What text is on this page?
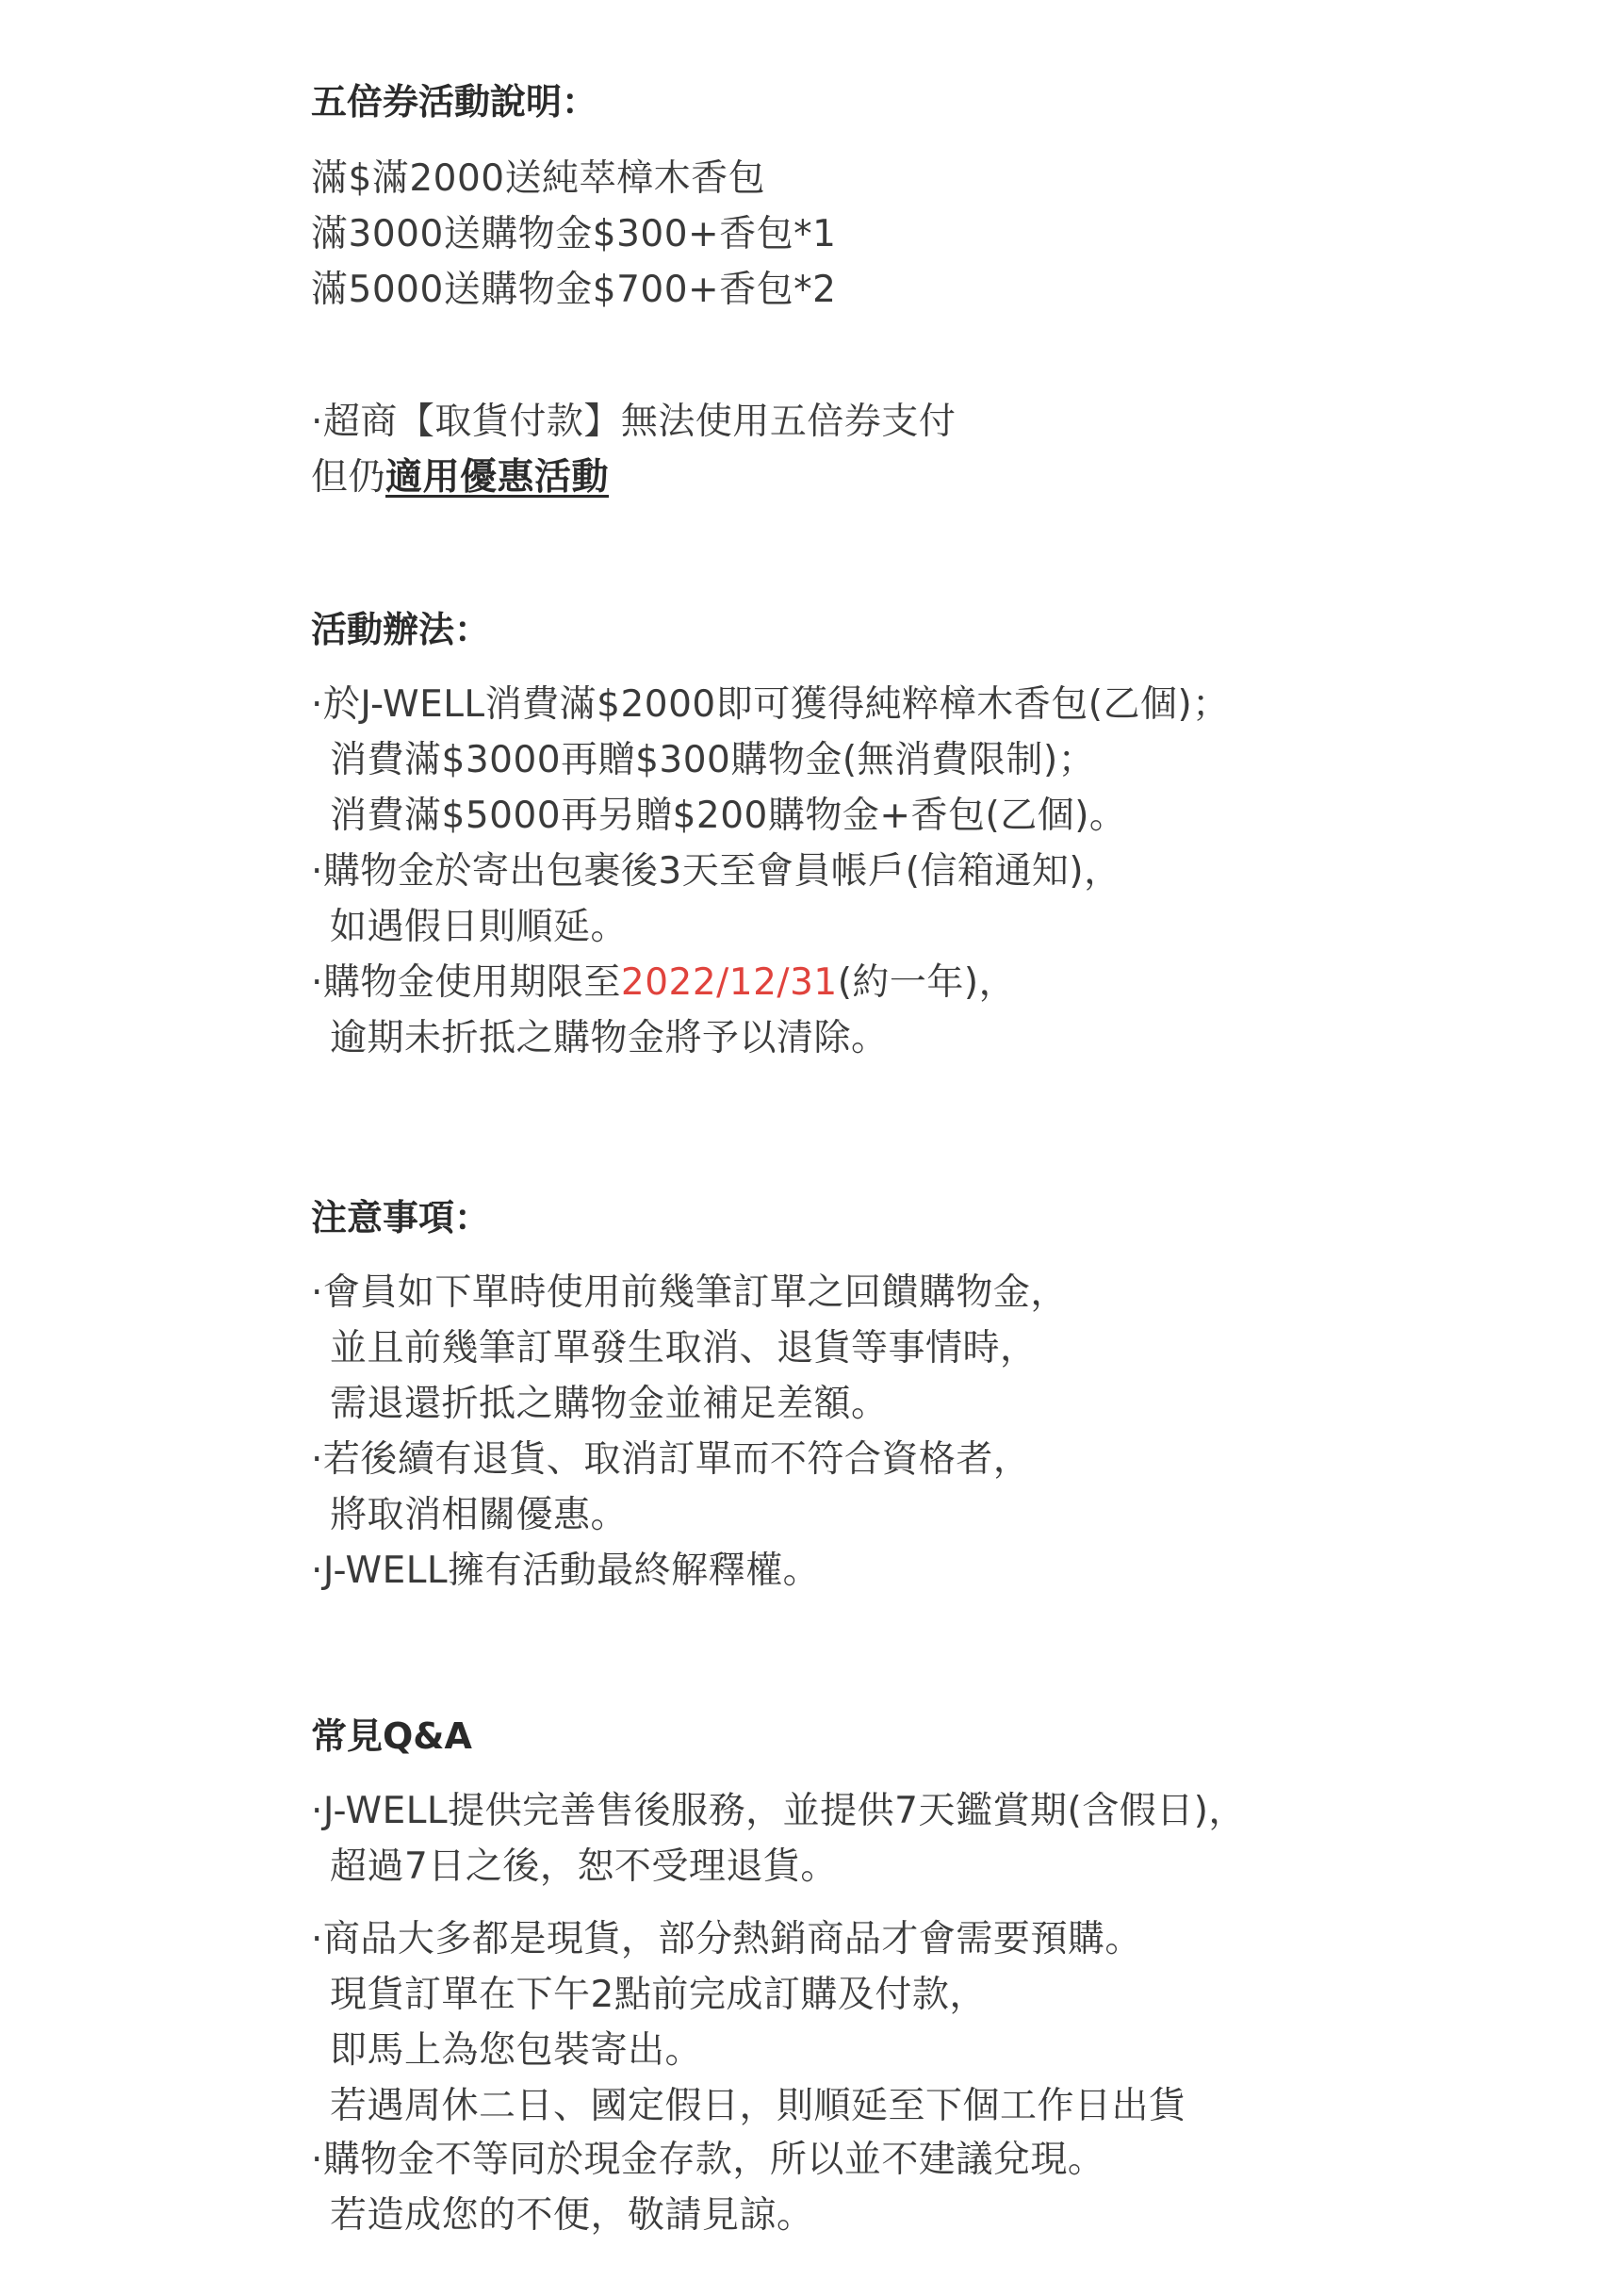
五倍券活動說明：
滿$滿2000送純萃樟木香包
滿3000送購物金$300+香包*1
滿5000送購物金$700+香包*2
·超商【取貨付款】無法使用五倍券支付
但仍適用優惠活動
活動辦法：
·於J-WELL消費滿$2000即可獲得純粹樟木香包(乙個)；
消費滿$3000再贈$300購物金(無消費限制)；
消費滿$5000再另贈$200購物金+香包(乙個)。
·購物金於寄出包裹後3天至會員帳戶(信箱通知)，
如遇假日則順延。
·購物金使用期限至2022/12/31(約一年)，
逾期未折抵之購物金將予以清除。
注意事項：
·會員如下單時使用前幾筆訂單之回饋購物金，
並且前幾筆訂單發生取消、退貨等事情時，
需退還折抵之購物金並補足差額。
·若後續有退貨、取消訂單而不符合資格者，
將取消相關優惠。
·J-WELL擁有活動最終解釋權。
常見Q&A
·J-WELL提供完善售後服務，並提供7天鑑賞期(含假日)，
超過7日之後，恕不受理退貨。
·商品大多都是現貨，部分熱銷商品才會需要預購。
現貨訂單在下午2點前完成訂購及付款，
即馬上為您包裝寄出。
若遇周休二日、國定假日，則順延至下個工作日出貨
·購物金不等同於現金存款，所以並不建議兌現。
若造成您的不便，敬請見諒。
